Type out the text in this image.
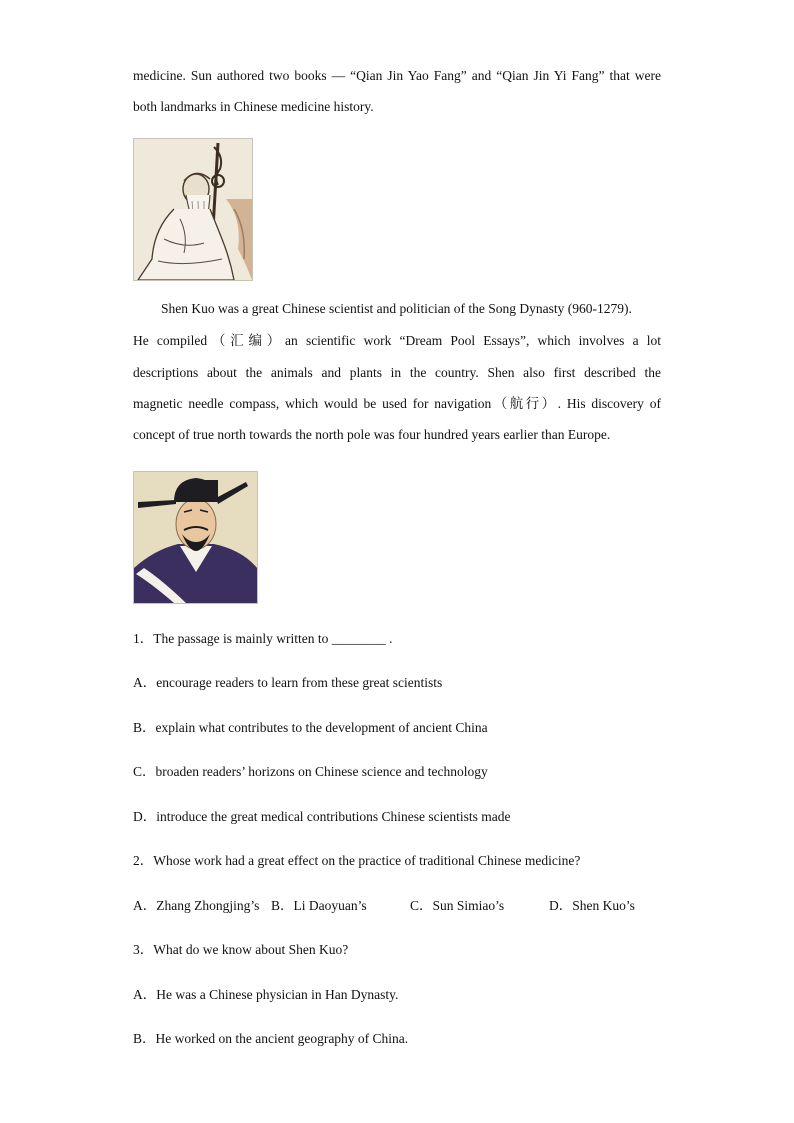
medicine. Sun authored two books — “Qian Jin Yao Fang” and “Qian Jin Yi Fang” that were
both landmarks in Chinese medicine history.
Shen Kuo was a great Chinese scientist and politician of the Song Dynasty (960-1279).
He compiled（汇编）an scientific work “Dream Pool Essays”, which involves a lot
descriptions about the animals and plants in the country. Shen also first described the
magnetic needle compass, which would be used for navigation（航行）. His discovery of
concept of true north towards the north pole was four hundred years earlier than Europe.
1．The passage is mainly written to ________ .
A．encourage readers to learn from these great scientists
B．explain what contributes to the development of ancient China
C．broaden readers’ horizons on Chinese science and technology
D．introduce the great medical contributions Chinese scientists made
2．Whose work had a great effect on the practice of traditional Chinese medicine?
A．Zhang Zhongjing’s B．Li Daoyuan’s	C．Sun Simiao’s	D．Shen Kuo’s
3．What do we know about Shen Kuo?
A．He was a Chinese physician in Han Dynasty.
B．He worked on the ancient geography of China.
